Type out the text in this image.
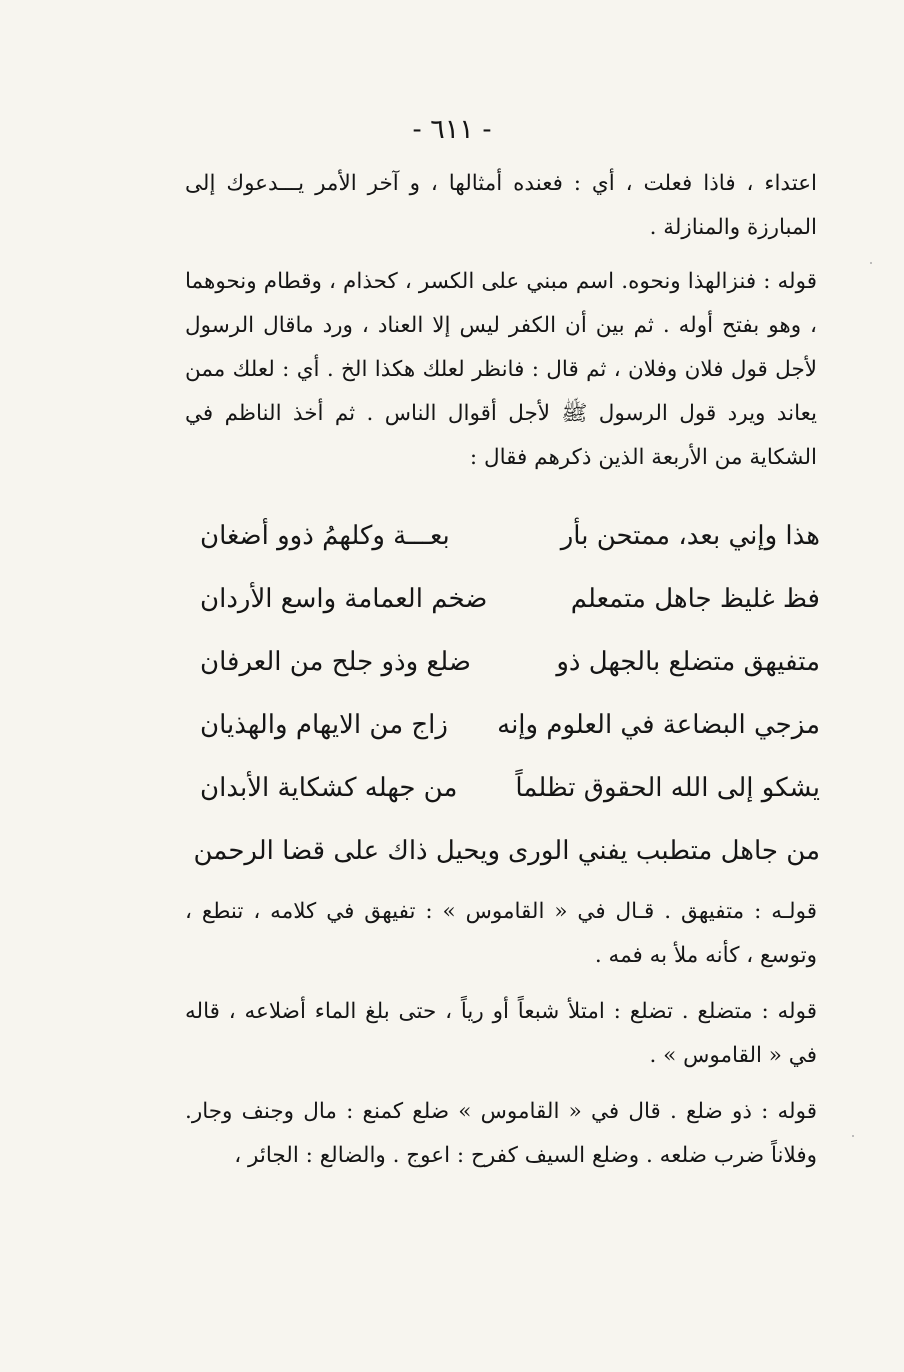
- ٦١١ -
اعتداء ، فاذا فعلت ، أي : فعنده أمثالها ، و آخر الأمر يـــدعوك إلى المبارزة والمنازلة .
قوله : فنزالهذا ونحوه. اسم مبني على الكسر ، كحذام ، وقطام ونحوهما ، وهو بفتح أوله . ثم بين أن الكفر ليس إلا العناد ، ورد ماقال الرسول لأجل قول فلان وفلان ، ثم قال : فانظر لعلك هكذا الخ . أي : لعلك ممن يعاند ويرد قول الرسول ﷺ لأجل أقوال الناس . ثم أخذ الناظم في الشكاية من الأربعة الذين ذكرهم فقال :
هذا وإني بعد، ممتحن بأر
بعـــة وكلهمُ ذوو أضغان
فظ غليظ جاهل متمعلم
ضخم العمامة واسع الأردان
متفيهق متضلع بالجهل ذو
ضلع وذو جلح من العرفان
مزجي البضاعة في العلوم وإنه
زاج من الايهام والهذيان
يشكو إلى الله الحقوق تظلماً
من جهله كشكاية الأبدان
من جاهل متطبب يفني الورى
ويحيل ذاك على قضا الرحمن
قولـه : متفيهق . قـال في « القاموس » : تفيهق في كلامه ، تنطع ، وتوسع ، كأنه ملأ به فمه .
قوله : متضلع . تضلع : امتلأ شبعاً أو رياً ، حتى بلغ الماء أضلاعه ، قاله في « القاموس » .
قوله : ذو ضلع . قال في « القاموس » ضلع كمنع : مال وجنف وجار. وفلاناً ضرب ضلعه . وضلع السيف كفرح : اعوج . والضالع : الجائر ،
